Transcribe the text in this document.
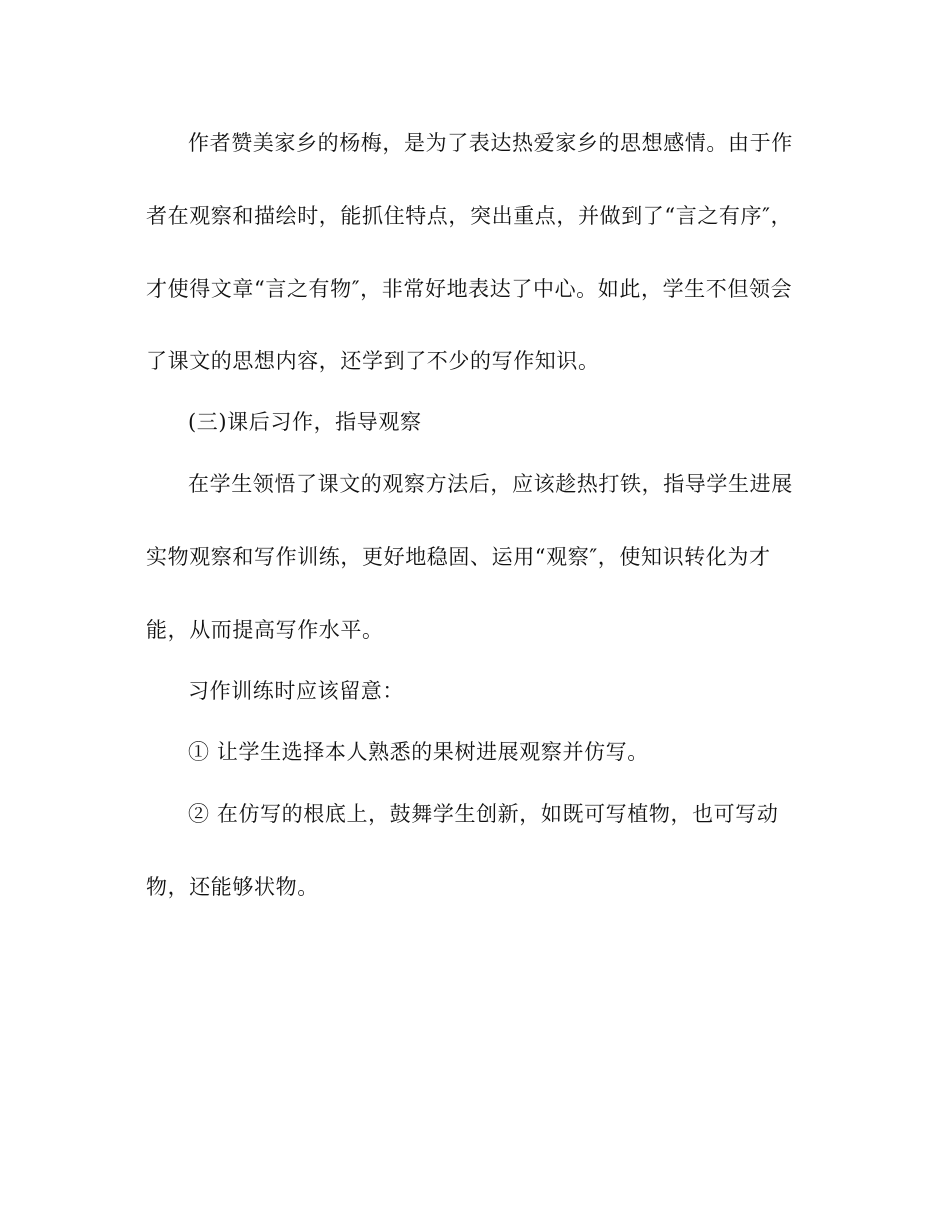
作者赞美家乡的杨梅，是为了表达热爱家乡的思想感情。由于作
者在观察和描绘时，能抓住特点，突出重点，并做到了“言之有序″，
才使得文章“言之有物″，非常好地表达了中心。如此，学生不但领会
了课文的思想内容，还学到了不少的写作知识。
(三)课后习作，指导观察
在学生领悟了课文的观察方法后，应该趁热打铁，指导学生进展
实物观察和写作训练，更好地稳固、运用“观察″，使知识转化为才
能，从而提高写作水平。
习作训练时应该留意：
① 让学生选择本人熟悉的果树进展观察并仿写。
② 在仿写的根底上，鼓舞学生创新，如既可写植物，也可写动
物，还能够状物。
